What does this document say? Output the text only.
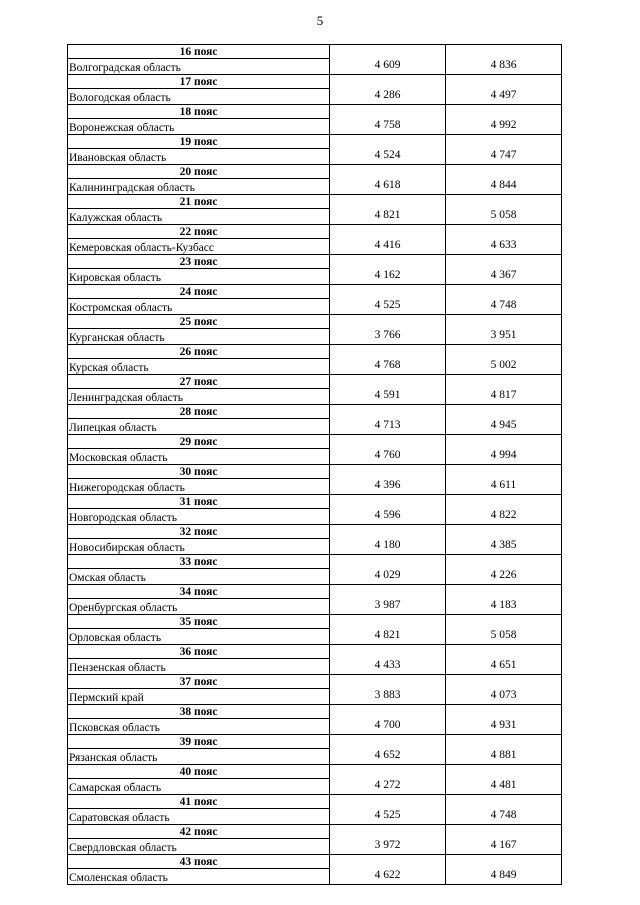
5
16 пояс		
Волгоградская область	4 609	4 836
17 пояс		
Вологодская область	4 286	4 497
18 пояс		
Воронежская область	4 758	4 992
19 пояс		
Ивановская область	4 524	4 747
20 пояс		
Калининградская область	4 618	4 844
21 пояс		
Калужская область	4 821	5 058
22 пояс		
Кемеровская область-Кузбасс	4 416	4 633
23 пояс		
Кировская область	4 162	4 367
24 пояс		
Костромская область	4 525	4 748
25 пояс		
Курганская область	3 766	3 951
26 пояс		
Курская область	4 768	5 002
27 пояс		
Ленинградская область	4 591	4 817
28 пояс		
Липецкая область	4 713	4 945
29 пояс		
Московская область	4 760	4 994
30 пояс		
Нижегородская область	4 396	4 611
31 пояс		
Новгородская область	4 596	4 822
32 пояс		
Новосибирская область	4 180	4 385
33 пояс		
Омская область	4 029	4 226
34 пояс		
Оренбургская область	3 987	4 183
35 пояс		
Орловская область	4 821	5 058
36 пояс		
Пензенская область	4 433	4 651
37 пояс		
Пермский край	3 883	4 073
38 пояс		
Псковская область	4 700	4 931
39 пояс		
Рязанская область	4 652	4 881
40 пояс		
Самарская область	4 272	4 481
41 пояс		
Саратовская область	4 525	4 748
42 пояс		
Свердловская область	3 972	4 167
43 пояс		
Смоленская область	4 622	4 849
